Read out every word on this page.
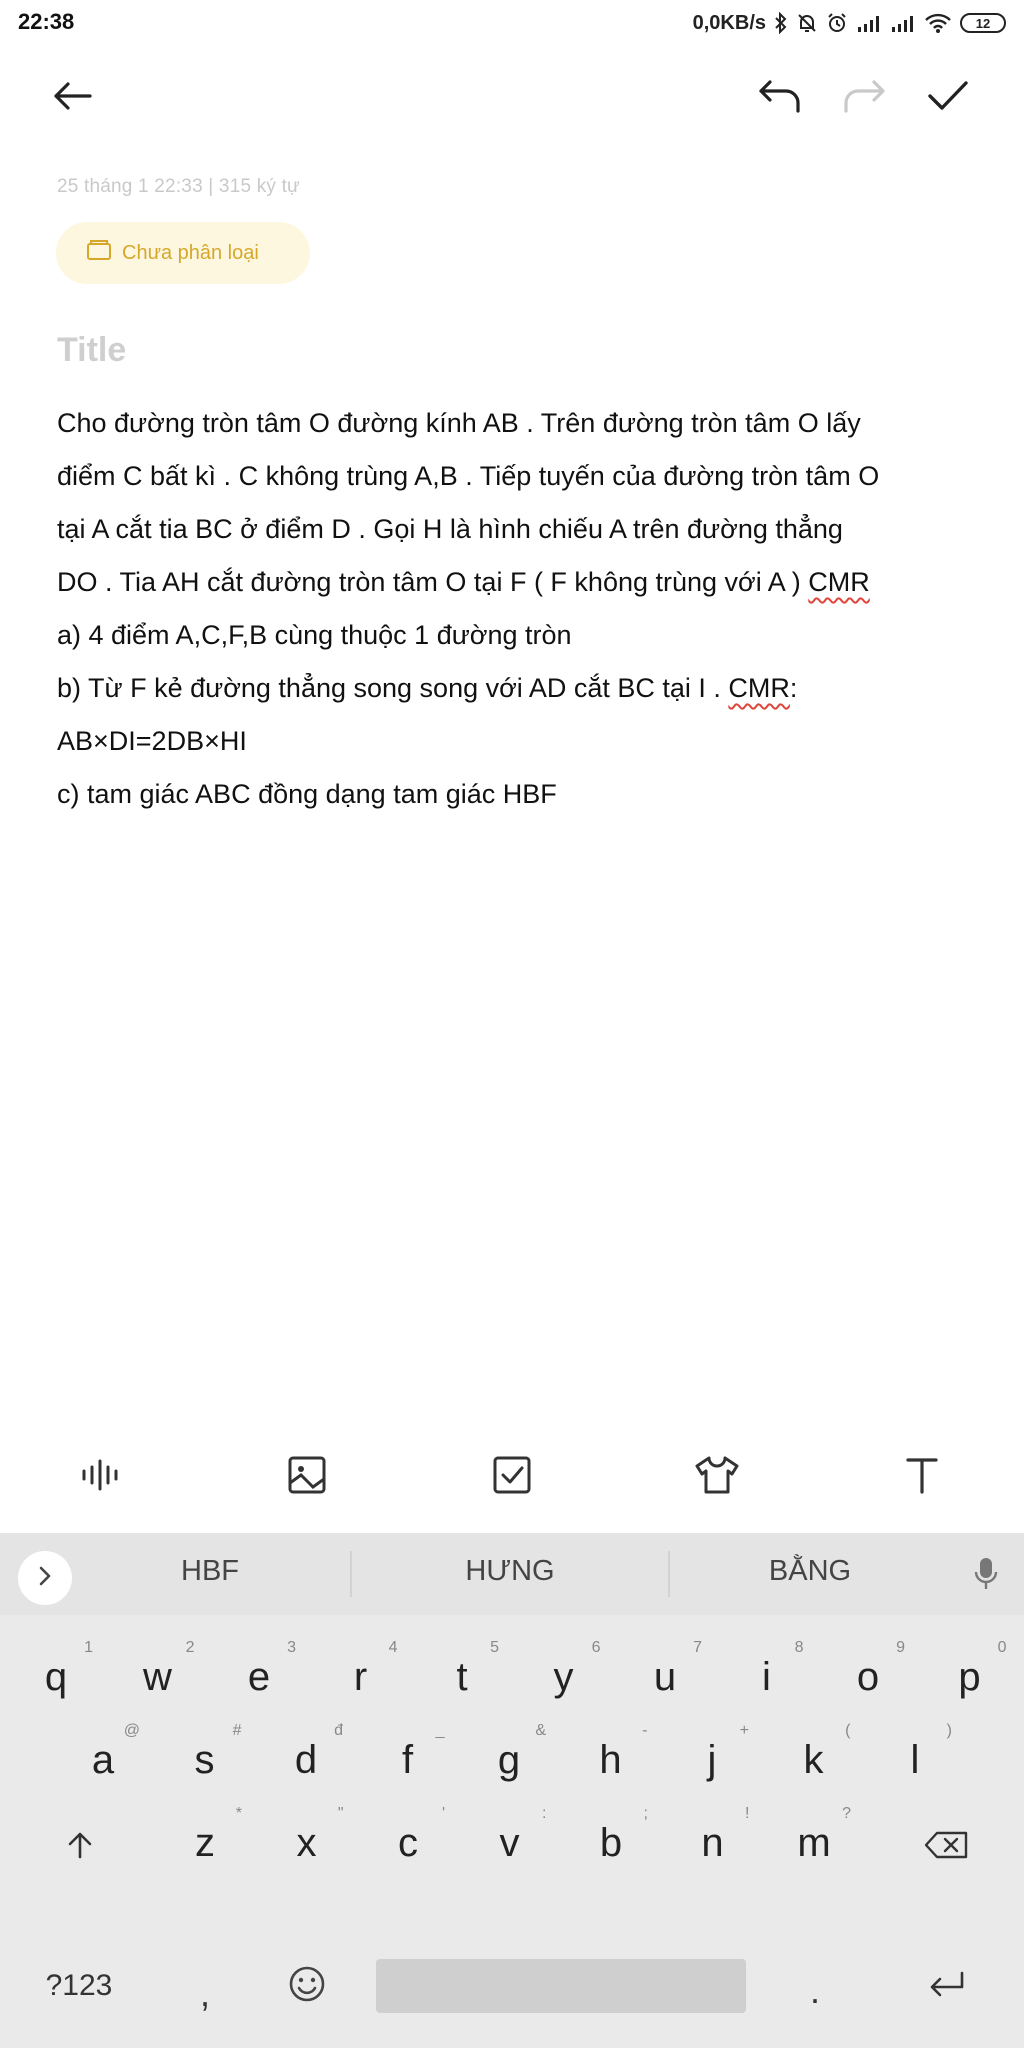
22:38	0,0KB/s	12
25 tháng 1 22:33 | 315 ký tự
Chưa phân loại
Title

Cho đường tròn tâm O đường kính AB . Trên đường tròn tâm O lấy

điểm C bất kì . C không trùng A,B . Tiếp tuyến của đường tròn tâm O

tại A cắt tia BC ở điểm D . Gọi H là hình chiếu A trên đường thẳng

DO . Tia AH cắt đường tròn tâm O tại F ( F không trùng với A ) CMR

a) 4 điểm A,C,F,B cùng thuộc 1 đường tròn

b) Từ F kẻ đường thẳng song song với AD cắt BC tại I . CMR:

AB×DI=2DB×HI

c) tam giác ABC đồng dạng tam giác HBF

HBF	HƯNG	BẰNG
q
1
w
2
e
3
r
4
t
5
y
6
u
7
i
8
o
9
p
0
a
@
s
#
d
đ
f
_
g
&
h
-
j
+
k
(
l
)
z
*
x
"
c
'
v
:
b
;
n
!
m
?
?123	,	.
